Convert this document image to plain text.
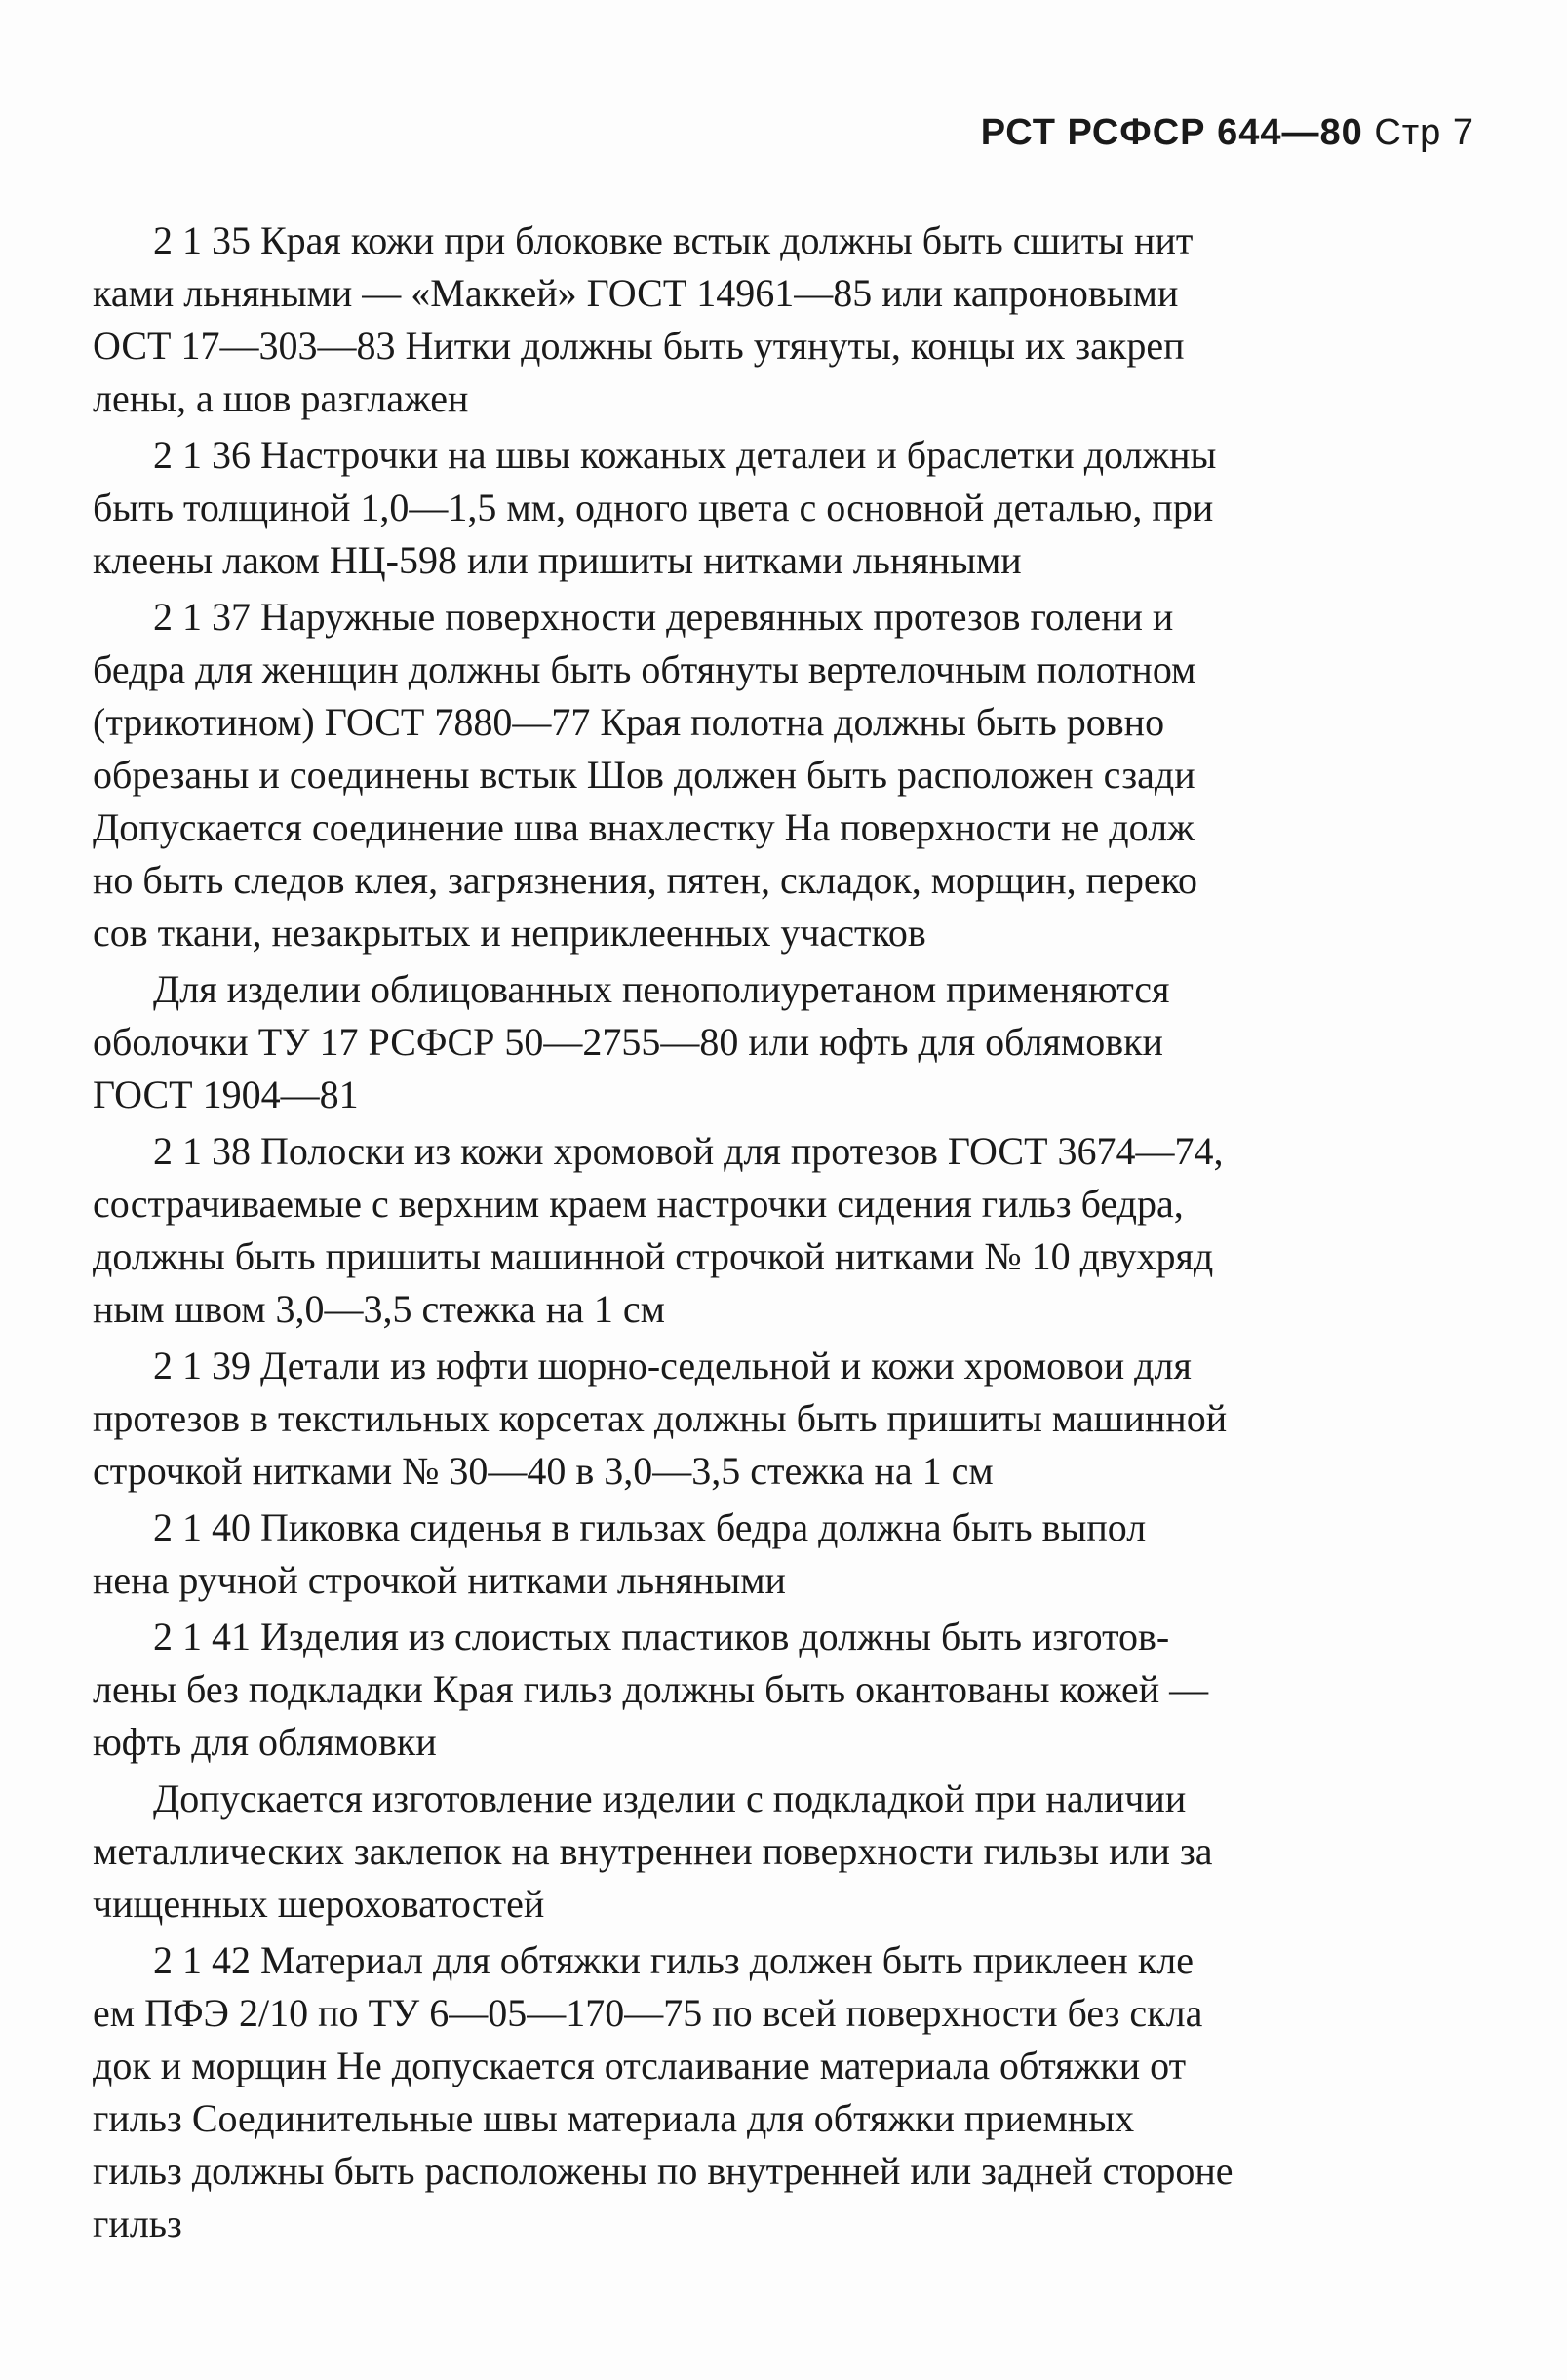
РСТ РСФСР 644—80 Стр 7

2 1 35 Края кожи при блоковке встык должны быть сшиты нит
ками льняными — «Маккей» ГОСТ 14961—85 или капроновыми
ОСТ 17—303—83 Нитки должны быть утянуты, концы их закреп
лены, а шов разглажен

2 1 36 Настрочки на швы кожаных деталеи и браслетки должны
быть толщиной 1,0—1,5 мм, одного цвета с основной деталью, при
клеены лаком НЦ-598 или пришиты нитками льняными

2 1 37 Наружные поверхности деревянных протезов голени и
бедра для женщин должны быть обтянуты вертелочным полотном
(трикотином) ГОСТ 7880—77 Края полотна должны быть ровно
обрезаны и соединены встык Шов должен быть расположен сзади
Допускается соединение шва внахлестку На поверхности не долж
но быть следов клея, загрязнения, пятен, складок, морщин, переко
сов ткани, незакрытых и неприклеенных участков

Для изделии облицованных пенополиуретаном применяются
оболочки ТУ 17 РСФСР 50—2755—80 или юфть для облямовки
ГОСТ 1904—81

2 1 38 Полоски из кожи хромовой для протезов ГОСТ 3674—74,
сострачиваемые с верхним краем настрочки сидения гильз бедра,
должны быть пришиты машинной строчкой нитками № 10 двухряд
ным швом 3,0—3,5 стежка на 1 см

2 1 39 Детали из юфти шорно-седельной и кожи хромовои для
протезов в текстильных корсетах должны быть пришиты машинной
строчкой нитками № 30—40 в 3,0—3,5 стежка на 1 см

2 1 40 Пиковка сиденья в гильзах бедра должна быть выпол
нена ручной строчкой нитками льняными

2 1 41 Изделия из слоистых пластиков должны быть изготов-
лены без подкладки Края гильз должны быть окантованы кожей —
юфть для облямовки

Допускается изготовление изделии с подкладкой при наличии
металлических заклепок на внутреннеи поверхности гильзы или за
чищенных шероховатостей

2 1 42 Материал для обтяжки гильз должен быть приклеен кле
ем ПФЭ 2/10 по ТУ 6—05—170—75 по всей поверхности без скла
док и морщин Не допускается отслаивание материала обтяжки от
гильз Соединительные швы материала для обтяжки приемных
гильз должны быть расположены по внутренней или задней стороне
гильз
